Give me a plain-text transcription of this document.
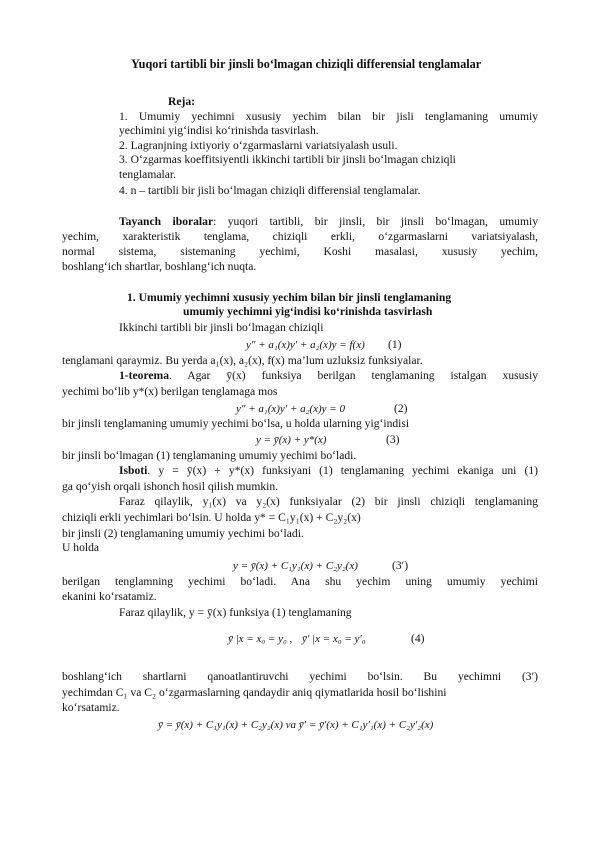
Yuqori tartibli bir jinsli bo‘lmagan chiziqli differensial tenglamalar
Reja:
1. Umumiy yechimni xususiy yechim bilan bir jisli tenglamaning umumiy
yechimini yig‘indisi ko‘rinishda tasvirlash.
2. Lagranjning ixtiyoriy o‘zgarmaslarni variatsiyalash usuli.
3. O‘zgarmas koeffitsiyentli ikkinchi tartibli bir jinsli bo‘lmagan chiziqli
tenglamalar.
4. n – tartibli bir jisli bo‘lmagan chiziqli differensial tenglamalar.
Tayanch iboralar: yuqori tartibli, bir jinsli, bir jinsli bo‘lmagan, umumiy
yechim, xarakteristik tenglama, chiziqli erkli, o‘zgarmaslarni variatsiyalash,
normal sistema, sistemaning yechimi, Koshi masalasi, xususiy yechim,
boshlang‘ich shartlar, boshlang‘ich nuqta.
1. Umumiy yechimni xususiy yechim bilan bir jinsli tenglamaning
umumiy yechimni yig‘indisi ko‘rinishda tasvirlash
Ikkinchi tartibli bir jinsli bo‘lmagan chiziqli
y″ + a₁(x)y′ + a₂(x)y = f(x) (1)
tenglamani qaraymiz. Bu yerda a₁(x), a₂(x), f(x) ma’lum uzluksiz funksiyalar.
1-teorema. Agar ȳ(x) funksiya berilgan tenglamaning istalgan xususiy
yechimi bo‘lib y*(x) berilgan tenglamaga mos
y″ + a₁(x)y′ + a₂(x)y = 0	(2)
bir jinsli tenglamaning umumiy yechimi bo‘lsa, u holda ularning yig‘indisi
y = ȳ(x) + y*(x)	(3)
bir jinsli bo‘lmagan (1) tenglamaning umumiy yechimi bo‘ladi.
Isboti. y = ȳ(x) + y*(x) funksiyani (1) tenglamaning yechimi ekaniga uni (1)
ga qo‘yish orqali ishonch hosil qilish mumkin.
Faraz qilaylik, y₁(x) va y₂(x) funksiyalar (2) bir jinsli chiziqli tenglamaning
chiziqli erkli yechimlari bo‘lsin. U holda y* = C₁y₁(x) + C₂y₂(x)
bir jinsli (2) tenglamaning umumiy yechimi bo‘ladi.
U holda
y = ȳ(x) + C₁y₁(x) + C₂y₂(x)	(3′)
berilgan tenglamning yechimi bo‘ladi. Ana shu yechim uning umumiy yechimi
ekanini ko‘rsatamiz.
Faraz qilaylik, y = ȳ(x) funksiya (1) tenglamaning
ȳ |x = x₀ = y₀ , ȳ′ |x = x₀ = y′₀	(4)
boshlang‘ich shartlarni qanoatlantiruvchi yechimi bo‘lsin. Bu yechimni (3′)
yechimdan C₁ va C₂ o‘zgarmaslarning qandaydir aniq qiymatlarida hosil bo‘lishini
ko‘rsatamiz.
ȳ = ȳ(x) + C₁y₁(x) + C₂y₂(x) va ȳ′ = ȳ′(x) + C₁y′₁(x) + C₂y′₂(x)
